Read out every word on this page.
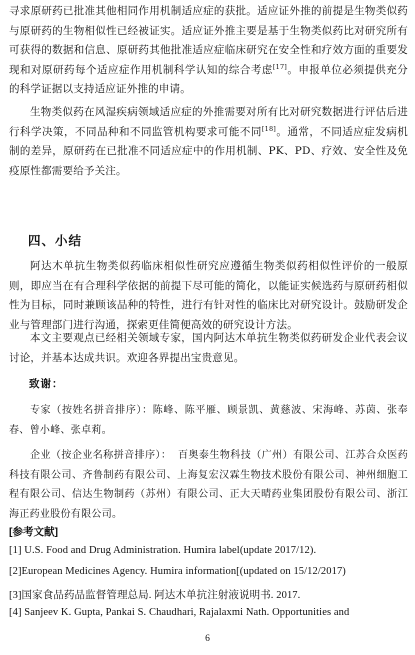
寻求原研药已批准其他相同作用机制适应症的获批。适应证外推的前提是生物类似药与原研药的生物相似性已经被证实。适应证外推主要是基于生物类似药比对研究所有可获得的数据和信息、原研药其他批准适应症临床研究在安全性和疗效方面的重要发现和对原研药每个适应症作用机制科学认知的综合考虑[17]。申报单位必须提供充分的科学证据以支持适应证外推的申请。

生物类似药在风湿疾病领域适应症的外推需要对所有比对研究数据进行评估后进行科学决策，不同品种和不同监管机构要求可能不同[18]。通常，不同适应症发病机制的差异，原研药在已批准不同适应症中的作用机制、PK、PD、疗效、安全性及免疫原性都需要给予关注。

四、小结

阿达木单抗生物类似药临床相似性研究应遵循生物类似药相似性评价的一般原则，即应当在有合理科学依据的前提下尽可能的简化，以能证实候选药与原研药相似性为目标，同时兼顾该品种的特性，进行有针对性的临床比对研究设计。鼓励研发企业与管理部门进行沟通，探索更佳简便高效的研究设计方法。

本文主要观点已经相关领域专家，国内阿达木单抗生物类似药研发企业代表会议讨论，并基本达成共识。欢迎各界提出宝贵意见。

致谢：

专家（按姓名拼音排序）：陈峰、陈平雁、顾景凯、黄慈波、宋海峰、苏茵、张奉春、曾小峰、张卓莉。

企业（按企业名称拼音排序）： 百奥泰生物科技（广州）有限公司、江苏合众医药科技有限公司、齐鲁制药有限公司、上海复宏汉霖生物技术股份有限公司、神州细胞工程有限公司、信达生物制药（苏州）有限公司、正大天晴药业集团股份有限公司、浙江海正药业股份有限公司。

[参考文献]

[1] U.S. Food and Drug Administration. Humira label(update 2017/12).

[2]European Medicines Agency. Humira information[(updated on 15/12/2017)

[3]国家食品药品监督管理总局. 阿达木单抗注射液说明书. 2017.

[4] Sanjeev K. Gupta, Pankai S. Chaudhari, Rajalaxmi Nath. Opportunities and

6
